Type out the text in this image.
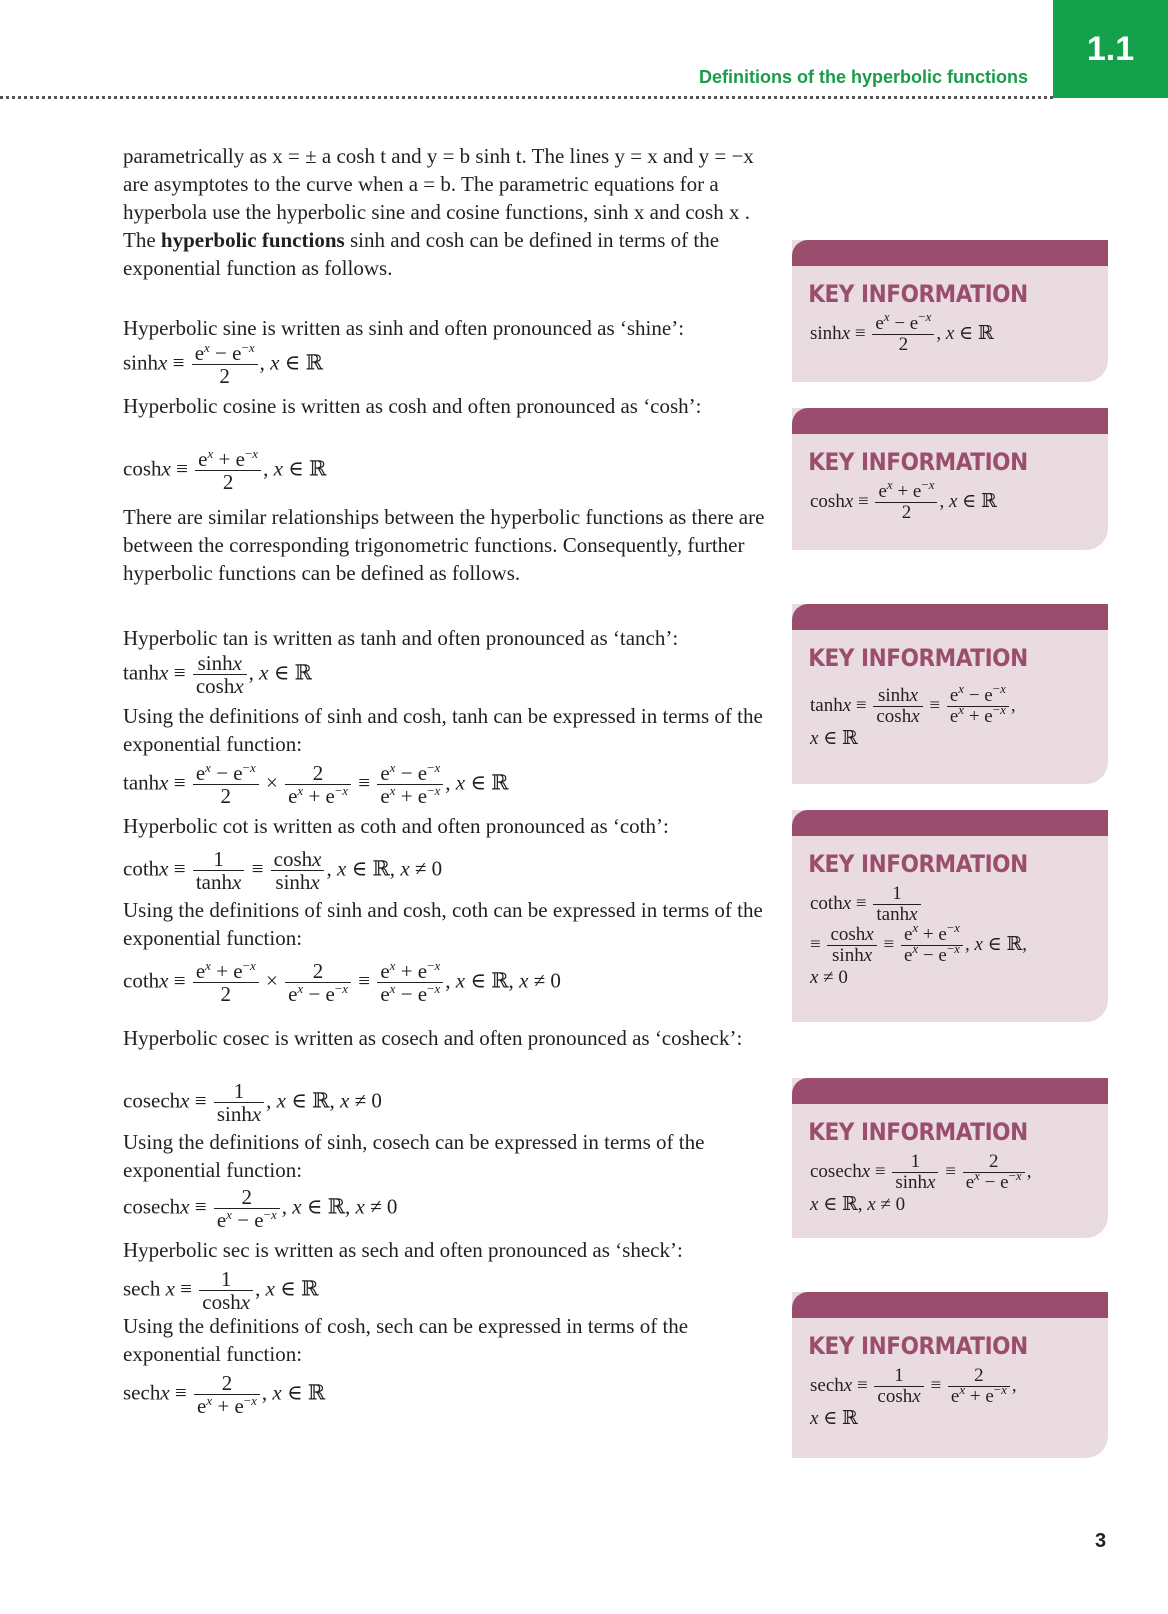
Definitions of the hyperbolic functions
1.1

parametrically as x = ± a cosh t and y = b sinh t. The lines y = x and y = −x are asymptotes to the curve when a = b. The parametric equations for a hyperbola use the hyperbolic sine and cosine functions, sinh x and cosh x . The hyperbolic functions sinh and cosh can be defined in terms of the exponential function as follows.

Hyperbolic sine is written as sinh and often pronounced as ‘shine’:

$\sinh x \equiv \frac{e^x - e^{-x}}{2}$ , x ∈ ℝ

Hyperbolic cosine is written as cosh and often pronounced as ‘cosh’:

$\cosh x \equiv \frac{e^x + e^{-x}}{2}$ , x ∈ ℝ

There are similar relationships between the hyperbolic functions as there are between the corresponding trigonometric functions. Consequently, further hyperbolic functions can be defined as follows.

Hyperbolic tan is written as tanh and often pronounced as ‘tanch’:

$\tanh x \equiv \frac{\sinh x}{\cosh x}$ , x ∈ ℝ

Using the definitions of sinh and cosh, tanh can be expressed in terms of the exponential function:

$\tanh x \equiv \frac{e^x - e^{-x}}{2} \times \frac{2}{e^x + e^{-x}} \equiv \frac{e^x - e^{-x}}{e^x + e^{-x}}$ , x ∈ ℝ

Hyperbolic cot is written as coth and often pronounced as ‘coth’:

cothx ≡ $\frac{1}{\tanh x} \equiv \frac{\cosh x}{\sinh x}$ , x ∈ ℝ, x ≠ 0

Using the definitions of sinh and cosh, coth can be expressed in terms of the exponential function:

cothx ≡ $\frac{e^x + e^{-x}}{2} \times \frac{2}{e^x - e^{-x}} \equiv \frac{e^x + e^{-x}}{e^x - e^{-x}}$ , x ∈ ℝ, x ≠ 0

Hyperbolic cosec is written as cosech and often pronounced as ‘cosheck’:

cosechx ≡ $\frac{1}{\sinh x}$ , x ∈ ℝ, x ≠ 0

Using the definitions of sinh, cosech can be expressed in terms of the exponential function:

cosechx ≡ $\frac{2}{e^x - e^{-x}}$ , x ∈ ℝ, x ≠ 0

Hyperbolic sec is written as sech and often pronounced as ‘sheck’:

sech $x \equiv \frac{1}{\cosh x}$ , x ∈ ℝ

Using the definitions of cosh, sech can be expressed in terms of the exponential function:

sechx ≡ $\frac{2}{e^x + e^{-x}}$ , x ∈ ℝ
KEY INFORMATION
$\sinh x \equiv \frac{e^x - e^{-x}}{2}$ , x ∈ ℝ
KEY INFORMATION
$\cosh x \equiv \frac{e^x + e^{-x}}{2}$ , x ∈ ℝ
KEY INFORMATION
$\tanh x \equiv \frac{\sinh x}{\cosh x} \equiv \frac{e^x - e^{-x}}{e^x + e^{-x}}$ ,
x ∈ ℝ
KEY INFORMATION
cothx ≡ $\frac{1}{\tanh x}$

≡ $\frac{\cosh x}{\sinh x} \equiv \frac{e^x + e^{-x}}{e^x - e^{-x}}$ , x ∈ ℝ,
x ≠ 0
KEY INFORMATION
cosechx ≡ $\frac{1}{\sinh x} \equiv \frac{2}{e^x - e^{-x}}$ ,
x ∈ ℝ, x ≠ 0
KEY INFORMATION
sechx ≡ $\frac{1}{\cosh x} \equiv \frac{2}{e^x + e^{-x}}$ ,
x ∈ ℝ
3
